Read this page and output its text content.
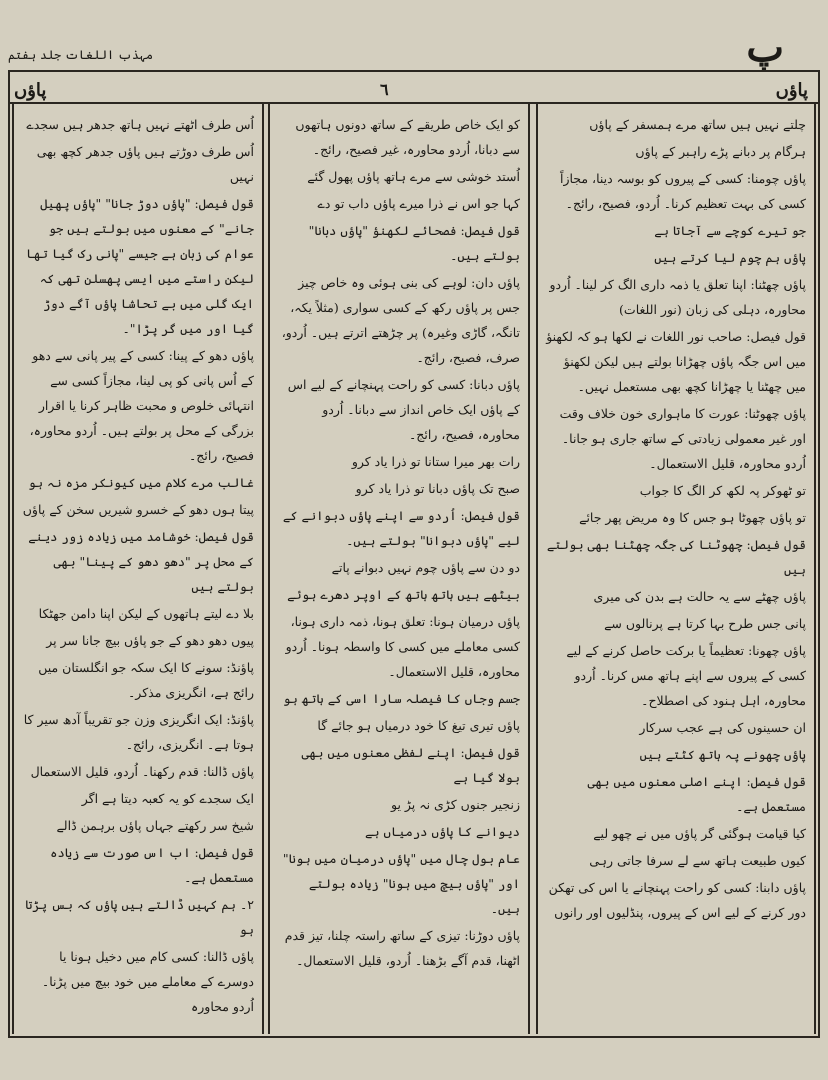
مہذب اللغات جلد ہفتم	پ
پاؤں	٦	پاؤں

چلتے نہیں ہیں ساتھ مرے ہمسفر کے پاؤں

ہرگام پر دبانے پڑے راہبر کے پاؤں

پاؤں چومنا: کسی کے پیروں کو بوسہ دینا، مجازاً کسی کی بہت تعظیم کرنا۔ اُردو، فصیح، رائج۔

جو تیرے کوچے سے آجاتا ہے

پاؤں ہم چوم لیا کرتے ہیں

پاؤں چھٹنا: اپنا تعلق یا ذمہ داری الگ کر لینا۔ اُردو محاورہ، دہلی کی زبان (نور اللغات)

قول فیصل: صاحب نور اللغات نے لکھا ہو کہ لکھنؤ میں اس جگہ پاؤں چھڑانا بولتے ہیں لیکن لکھنؤ میں چھٹنا یا چھڑانا کچھ بھی مستعمل نہیں۔

پاؤں چھوٹنا: عورت کا ماہواری خون خلاف وقت اور غیر معمولی زیادتی کے ساتھ جاری ہو جانا۔ اُردو محاورہ، قلیل الاستعمال۔

تو ٹھوکر پہ لکھ کر الگ کا جواب

تو پاؤں چھوٹا ہو جس کا وہ مریض پھر جائے

قول فیصل: چھوٹنا کی جگہ چھٹنا بھی بولتے ہیں

پاؤں چھٹے سے یہ حالت ہے بدن کی میری

پانی جس طرح بہا کرتا ہے پرنالوں سے

پاؤں چھونا: تعظیماً یا برکت حاصل کرنے کے لیے کسی کے پیروں سے اپنے ہاتھ مس کرنا۔ اُردو محاورہ، اہل ہنود کی اصطلاح۔

ان حسینوں کی ہے عجب سرکار

پاؤں چھونے پہ ہاتھ کٹتے ہیں

قول فیصل: اپنے اصلی معنوں میں بھی مستعمل ہے۔

کیا قیامت ہوگئی گر پاؤں میں نے چھو لیے

کیوں طبیعت ہاتھ سے لے سرفا جاتی رہی

پاؤں دابنا: کسی کو راحت پہنچانے یا اس کی تھکن دور کرنے کے لیے اس کے پیروں، پنڈلیوں اور رانوں

کو ایک خاص طریقے کے ساتھ دونوں ہاتھوں سے دبانا، اُردو محاورہ، غیر فصیح، رائج۔

اُستد خوشی سے مرے ہاتھ پاؤں پھول گئے

کہا جو اس نے ذرا میرے پاؤں داب تو دے

قول فیصل: فصحائے لکھنؤ "پاؤں دبانا" بولتے ہیں۔

پاؤں دان: لوہے کی بنی ہوئی وہ خاص چیز جس پر پاؤں رکھ کے کسی سواری (مثلاً یکہ، تانگہ، گاڑی وغیرہ) پر چڑھتے اترتے ہیں۔ اُردو، صرف، فصیح، رائج۔

پاؤں دبانا: کسی کو راحت پہنچانے کے لیے اس کے پاؤں ایک خاص انداز سے دبانا۔ اُردو محاورہ، فصیح، رائج۔

رات بھر میرا ستانا تو ذرا یاد کرو

صبح تک پاؤں دبانا تو ذرا یاد کرو

قول فیصل: اُردو سے اپنے پاؤں دبوانے کے لیے "پاؤں دبوانا" بولتے ہیں۔

دو دن سے پاؤں چوم نہیں دبوانے پاتے

بیٹھے ہیں ہاتھ ہاتھ کے اوپر دھرے ہوئے

پاؤں درمیان ہونا: تعلق ہونا، ذمہ داری ہونا، کسی معاملے میں کسی کا واسطہ ہونا۔ اُردو محاورہ، قلیل الاستعمال۔

جسم وجاں کا فیصلہ سارا اسی کے ہاتھ ہو

پاؤں تیری تیغ کا خود درمیاں ہو جائے گا

قول فیصل: اپنے لفظی معنوں میں بھی بولا گیا ہے

زنجیر جنوں کڑی نہ پڑ یو

دیوانے کا پاؤں درمیاں ہے

عام بول چال میں "پاؤں درمیان میں ہونا" اور "پاؤں بیچ میں ہونا" زیادہ بولتے ہیں۔

پاؤں دوڑنا: تیزی کے ساتھ راستہ چلنا، تیز قدم اٹھنا، قدم آگے بڑھنا۔ اُردو، قلیل الاستعمال۔

اُس طرف اٹھتے نہیں ہاتھ جدھر ہیں سجدے

اُس طرف دوڑتے ہیں پاؤں جدھر کچھ بھی نہیں

قول فیصل: "پاؤں دوڑ جانا" "پاؤں پھیل جانے" کے معنوں میں بولتے ہیں جو عوام کی زبان ہے جیسے "پانی رک گیا تھا لیکن راستے میں ایسی پھسلن تھی کہ ایک گلی میں بے تحاشا پاؤں آگے دوڑ گیا اور میں گر پڑا"۔

پاؤں دھو کے پینا: کسی کے پیر پانی سے دھو کے اُس پانی کو پی لینا، مجازاً کسی سے انتہائی خلوص و محبت ظاہر کرنا یا اقرار بزرگی کے محل پر بولتے ہیں۔ اُردو محاورہ، فصیح، رائج۔

غالب مرے کلام میں کیونکر مزہ نہ ہو

پیتا ہوں دھو کے خسرو شیریں سخن کے پاؤں

قول فیصل: خوشامد میں زیادہ زور دینے کے محل پر "دھو دھو کے پینا" بھی بولتے ہیں

بلا دے لیتے ہاتھوں کے لیکن اپنا دامن جھٹکا

پیوں دھو دھو کے جو پاؤں بیچ جانا سر پر

پاؤنڈ: سونے کا ایک سکہ جو انگلستان میں رائج ہے، انگریزی مذکر۔

پاؤنڈ: ایک انگریزی وزن جو تقریباً آدھ سیر کا ہوتا ہے۔ انگریزی، رائج۔

پاؤں ڈالنا: قدم رکھنا۔ اُردو، قلیل الاستعمال

ایک سجدے کو یہ کعبہ دیتا ہے اگر

شیخ سر رکھتے جہاں پاؤں برہمن ڈالے

قول فیصل: اب اس صورت سے زیادہ مستعمل ہے۔

۲۔ ہم کہیں ڈالتے ہیں پاؤں کہ بس پڑتا ہو

پاؤں ڈالنا: کسی کام میں دخیل ہونا یا دوسرے کے معاملے میں خود بیچ میں پڑنا۔ اُردو محاورہ
